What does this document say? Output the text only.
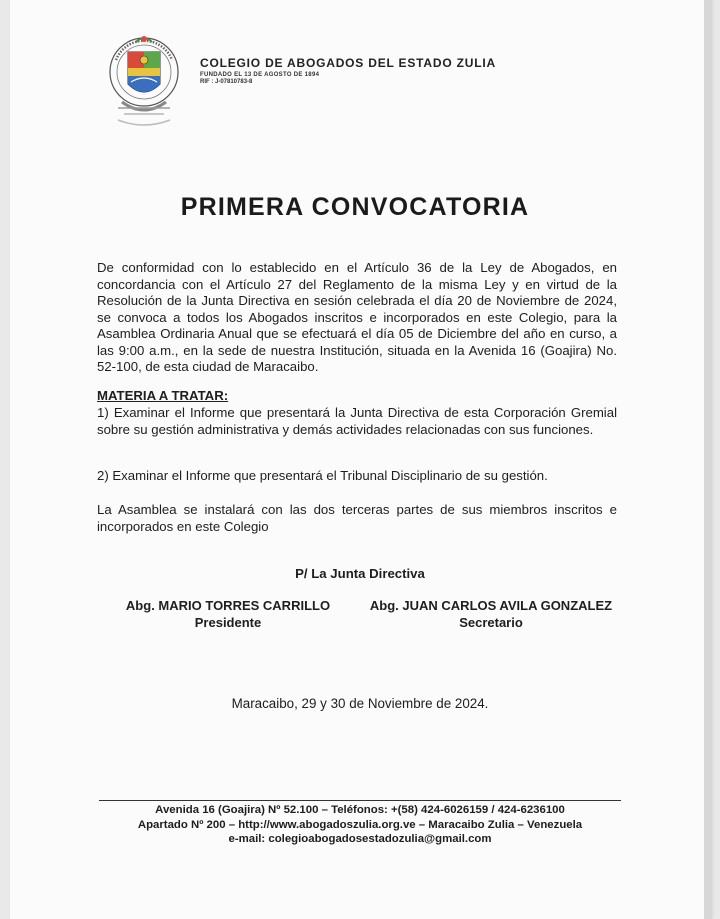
COLEGIO DE ABOGADOS DEL ESTADO ZULIA
FUNDADO EL 13 DE AGOSTO DE 1894
RIF : J-07810783-8
PRIMERA CONVOCATORIA
De conformidad con lo establecido en el Artículo 36 de la Ley de Abogados, en concordancia con el Artículo 27 del Reglamento de la misma Ley y en virtud de la Resolución de la Junta Directiva en sesión celebrada el día 20 de Noviembre de 2024, se convoca a todos los Abogados inscritos e incorporados en este Colegio, para la Asamblea Ordinaria Anual que se efectuará el día 05 de Diciembre del año en curso, a las 9:00 a.m., en la sede de nuestra Institución, situada en la Avenida 16 (Goajira) No. 52-100, de esta ciudad de Maracaibo.
MATERIA A TRATAR:
1) Examinar el Informe que presentará la Junta Directiva de esta Corporación Gremial sobre su gestión administrativa y demás actividades relacionadas con sus funciones.
2) Examinar el Informe que presentará el Tribunal Disciplinario de su gestión.
La Asamblea se instalará con las dos terceras partes de sus miembros inscritos e incorporados en este Colegio
P/ La Junta Directiva
Abg. MARIO TORRES CARRILLO
Presidente
Abg. JUAN CARLOS AVILA GONZALEZ
Secretario
Maracaibo, 29 y 30 de Noviembre de 2024.
Avenida 16 (Goajira) Nº 52.100 – Teléfonos: +(58) 424-6026159 / 424-6236100
Apartado Nº 200 – http://www.abogadoszulia.org.ve – Maracaibo Zulia – Venezuela
e-mail: colegioabogadosestadozulia@gmail.com
